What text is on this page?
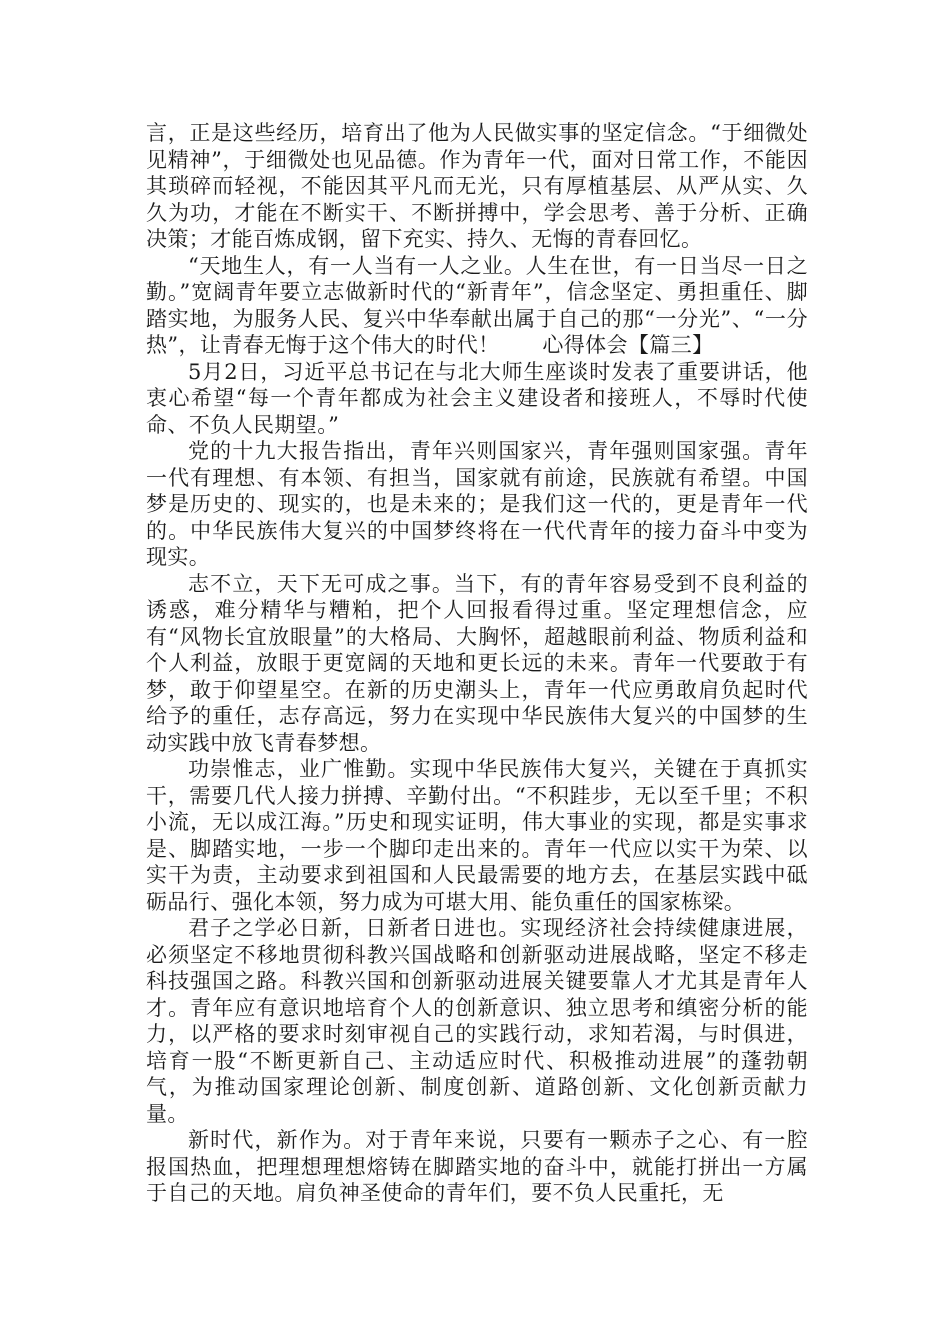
言，正是这些经历，培育出了他为人民做实事的坚定信念。“于细微处见精神”，于细微处也见品德。作为青年一代，面对日常工作，不能因其琐碎而轻视，不能因其平凡而无光，只有厚植基层、从严从实、久久为功，才能在不断实干、不断拼搏中，学会思考、善于分析、正确决策；才能百炼成钢，留下充实、持久、无悔的青春回忆。

“天地生人，有一人当有一人之业。人生在世，有一日当尽一日之勤。”宽阔青年要立志做新时代的“新青年”，信念坚定、勇担重任、脚踏实地，为服务人民、复兴中华奉献出属于自己的那“一分光”、“一分热”，让青春无悔于这个伟大的时代！　　心得体会【篇三】

5月2日，习近平总书记在与北大师生座谈时发表了重要讲话，他衷心希望“每一个青年都成为社会主义建设者和接班人，不辱时代使命、不负人民期望。”

党的十九大报告指出，青年兴则国家兴，青年强则国家强。青年一代有理想、有本领、有担当，国家就有前途，民族就有希望。中国梦是历史的、现实的，也是未来的；是我们这一代的，更是青年一代的。中华民族伟大复兴的中国梦终将在一代代青年的接力奋斗中变为现实。

志不立，天下无可成之事。当下，有的青年容易受到不良利益的诱惑，难分精华与糟粕，把个人回报看得过重。坚定理想信念，应有“风物长宜放眼量”的大格局、大胸怀，超越眼前利益、物质利益和个人利益，放眼于更宽阔的天地和更长远的未来。青年一代要敢于有梦，敢于仰望星空。在新的历史潮头上，青年一代应勇敢肩负起时代给予的重任，志存高远，努力在实现中华民族伟大复兴的中国梦的生动实践中放飞青春梦想。

功崇惟志，业广惟勤。实现中华民族伟大复兴，关键在于真抓实干，需要几代人接力拼搏、辛勤付出。“不积跬步，无以至千里；不积小流，无以成江海。”历史和现实证明，伟大事业的实现，都是实事求是、脚踏实地，一步一个脚印走出来的。青年一代应以实干为荣、以实干为责，主动要求到祖国和人民最需要的地方去，在基层实践中砥砺品行、强化本领，努力成为可堪大用、能负重任的国家栋梁。

君子之学必日新，日新者日进也。实现经济社会持续健康进展，必须坚定不移地贯彻科教兴国战略和创新驱动进展战略，坚定不移走科技强国之路。科教兴国和创新驱动进展关键要靠人才尤其是青年人才。青年应有意识地培育个人的创新意识、独立思考和缜密分析的能力，以严格的要求时刻审视自己的实践行动，求知若渴，与时俱进，培育一股“不断更新自己、主动适应时代、积极推动进展”的蓬勃朝气，为推动国家理论创新、制度创新、道路创新、文化创新贡献力量。

新时代，新作为。对于青年来说，只要有一颗赤子之心、有一腔报国热血，把理想理想熔铸在脚踏实地的奋斗中，就能打拼出一方属于自己的天地。肩负神圣使命的青年们，要不负人民重托，无
